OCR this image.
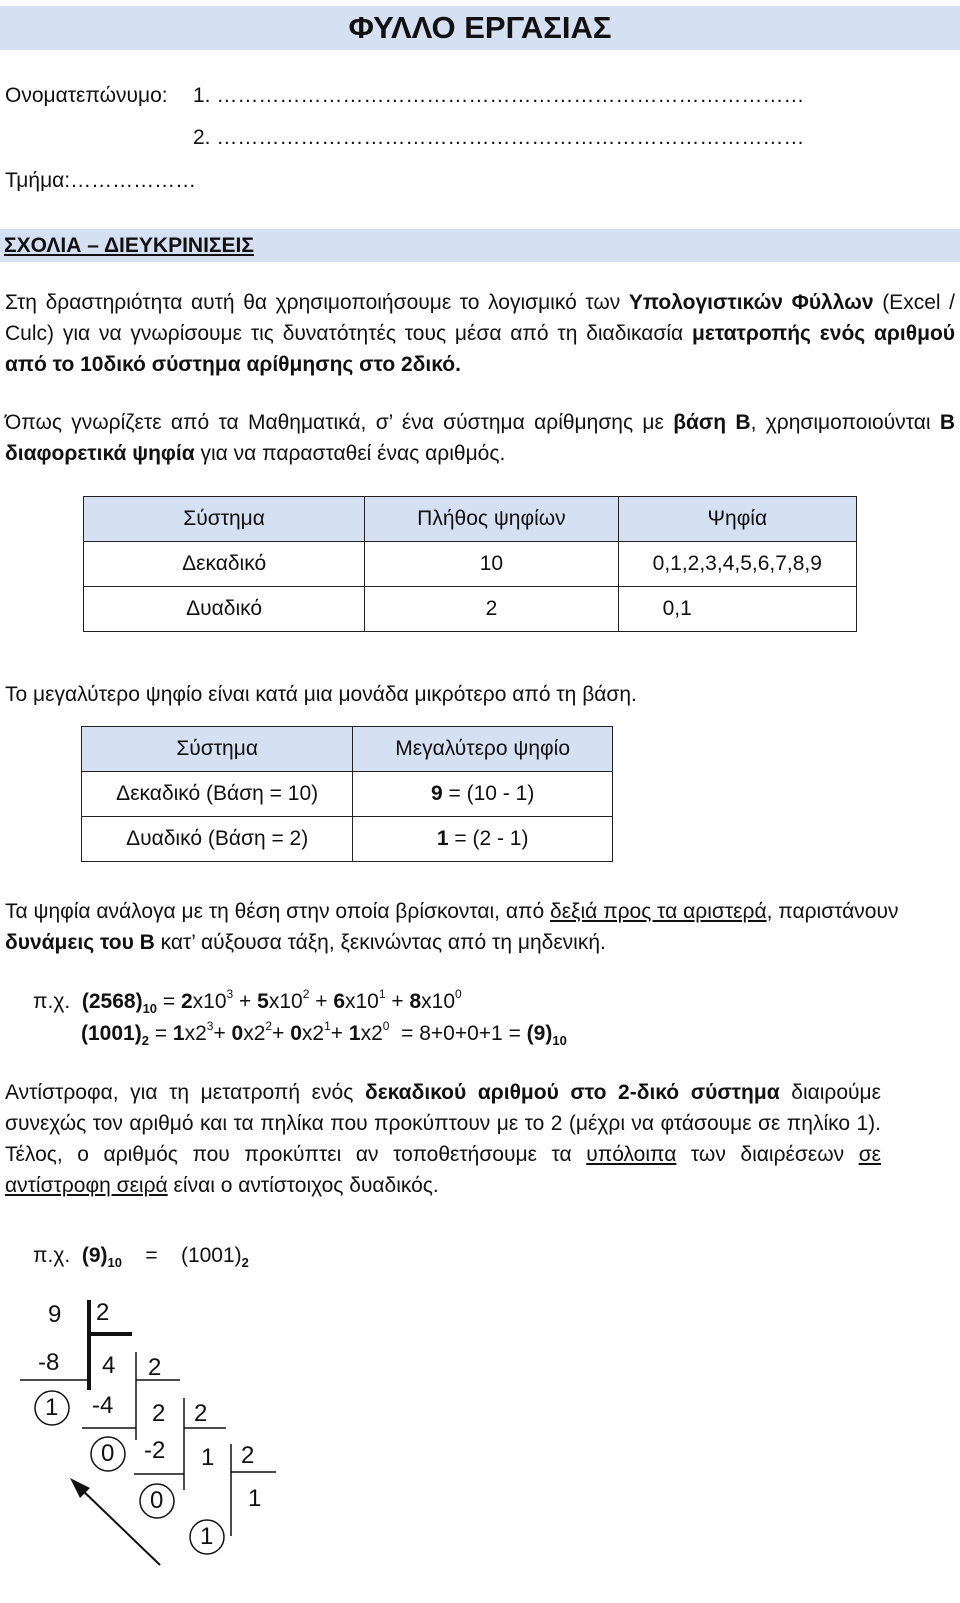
ΦΥΛΛΟ ΕΡΓΑΣΙΑΣ
Ονοματεπώνυμο: 1. …………………………………………………………………………
2. …………………………………………………………………………
Τμήμα:………………
ΣΧΟΛΙΑ – ΔΙΕΥΚΡΙΝΙΣΕΙΣ
Στη δραστηριότητα αυτή θα χρησιμοποιήσουμε το λογισμικό των Υπολογιστικών Φύλλων (Excel / Culc) για να γνωρίσουμε τις δυνατότητές τους μέσα από τη διαδικασία μετατροπής ενός αριθμού από το 10δικό σύστημα αρίθμησης στο 2δικό.
Όπως γνωρίζετε από τα Μαθηματικά, σ’ ένα σύστημα αρίθμησης με βάση Β, χρησιμοποιούνται Β διαφορετικά ψηφία για να παρασταθεί ένας αριθμός.
Σύστημα	Πλήθος ψηφίων	Ψηφία
Δεκαδικό	10	0,1,2,3,4,5,6,7,8,9
Δυαδικό	2	0,1
Το μεγαλύτερο ψηφίο είναι κατά μια μονάδα μικρότερο από τη βάση.
Σύστημα	Μεγαλύτερο ψηφίο
Δεκαδικό (Βάση = 10)	9 = (10 - 1)
Δυαδικό (Βάση = 2)	1 = (2 - 1)
Τα ψηφία ανάλογα με τη θέση στην οποία βρίσκονται, από δεξιά προς τα αριστερά, παριστάνουν δυνάμεις του Β κατ’ αύξουσα τάξη, ξεκινώντας από τη μηδενική.
π.χ. $(2568)_{10} = 2x10^3 + 5x10^2 + 6x10^1 + 8x10^0$
$(1001)_2 = 1x2^3+ 0x2^2+ 0x2^1+ 1x2^0 = 8+0+0+1 = (9)_{10}$
Αντίστροφα, για τη μετατροπή ενός δεκαδικού αριθμού στο 2-δικό σύστημα διαιρούμε συνεχώς τον αριθμό και τα πηλίκα που προκύπτουν με το 2 (μέχρι να φτάσουμε σε πηλίκο 1). Τέλος, ο αριθμός που προκύπτει αν τοποθετήσουμε τα υπόλοιπα των διαιρέσεων σε αντίστροφη σειρά είναι ο αντίστοιχος δυαδικός.
π.χ. $(9)_{10} = (1001)_2$
9 2
-8 4 2
1 -4 2 2
0 -2 1 2
0	1
1
